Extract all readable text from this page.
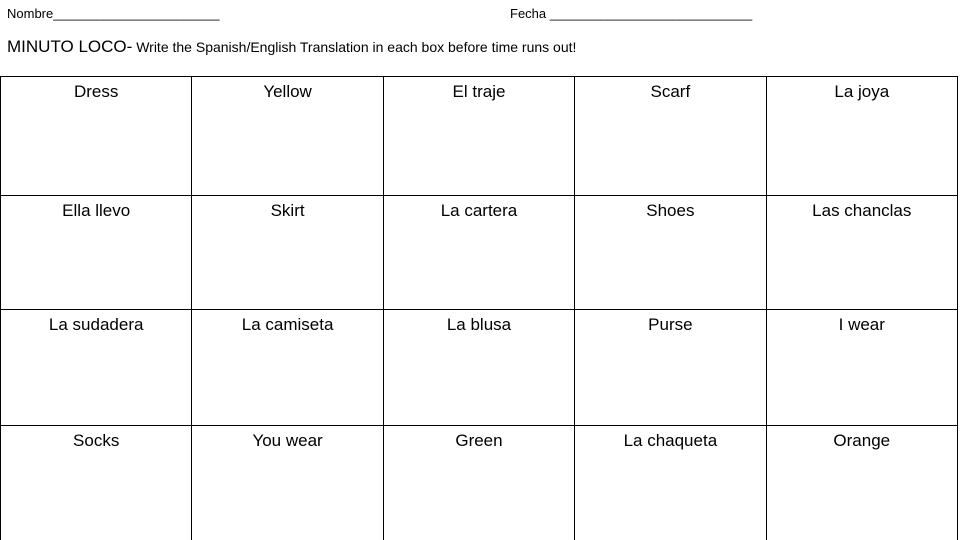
Nombre_______________________	Fecha ____________________________
MINUTO LOCO- Write the Spanish/English Translation in each box before time runs out!
Dress	Yellow	El traje	Scarf	La joya
Ella llevo	Skirt	La cartera	Shoes	Las chanclas
La sudadera	La camiseta	La blusa	Purse	I wear
Socks	You wear	Green	La chaqueta	Orange
